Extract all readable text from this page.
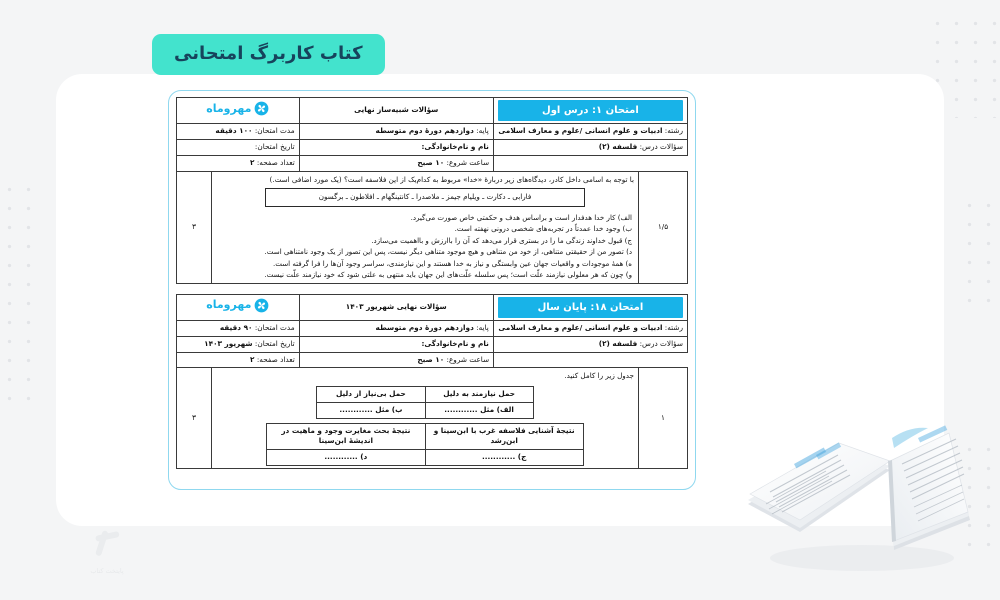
کتاب کاربرگ امتحانی
امتحان ۱: درس اول	سؤالات شبیه‌ساز نهایی	مهروماه

رشته: ادبیات و علوم انسانی /علوم و معارف اسلامی	پایه: دوازدهم دورهٔ دوم متوسطه	مدت امتحان: ۱۰۰ دقیقه
سؤالات درس: فلسفه (۲)	نام و نام‌خانوادگی:	تاریخ امتحان:
	ساعت شروع: ۱۰ صبح	تعداد صفحه: ۲
۱/۵	

با توجه به اسامی داخل کادر، دیدگاه‌های زیر دربارهٔ «خدا» مربوط به کدام‌یک از این فلاسفه است؟ (یک مورد اضافی است.)

فارابی ـ دکارت ـ ویلیام جیمز ـ ملاصدرا ـ کانتینگهام ـ افلاطون ـ برگسون

الف) کار خدا هدفدار است و براساس هدف و حکمتی خاص صورت می‌گیرد.

ب) وجود خدا عمدتاً در تجربه‌های شخصی درونی نهفته است.

ج) قبول خداوند زندگی ما را در بستری قرار می‌دهد که آن را باارزش و بااهمیت می‌سازد.

د) تصور من از حقیقتی متناهی، از خود من متناهی و هیچ موجود متناهی دیگر نیست، پس این تصور از یک وجود نامتناهی است.

ه) همهٔ موجودات و واقعیات جهان عین وابستگی و نیاز به خدا هستند و این نیازمندی، سراسر وجود آن‌ها را فرا گرفته است.

و) چون که هر معلولی نیازمند علّت است؛ پس سلسله علّت‌های این جهان باید منتهی به علتی شود که خود نیازمند علّت نیست.

	۳
امتحان ۱۸: پایان سال	سؤالات نهایی شهریور ۱۴۰۳	مهروماه

رشته: ادبیات و علوم انسانی /علوم و معارف اسلامی	پایه: دوازدهم دورهٔ دوم متوسطه	مدت امتحان: ۹۰ دقیقه
سؤالات درس: فلسفه (۲)	نام و نام‌خانوادگی:	تاریخ امتحان: شهریور ۱۴۰۳
	ساعت شروع: ۱۰ صبح	تعداد صفحه: ۲
۱	

جدول زیر را کامل کنید.

حمل نیازمند به دلیل	حمل بی‌نیاز از دلیل
الف) مثل ............	ب) مثل ............
نتیجهٔ آشنایی فلاسفه غرب با ابن‌سینا و ابن‌رشد	نتیجهٔ بحث مغایرت وجود و ماهیت در اندیشهٔ ابن‌سینا
ج) ............	د) ............
	۳
پایتخت کتاب
